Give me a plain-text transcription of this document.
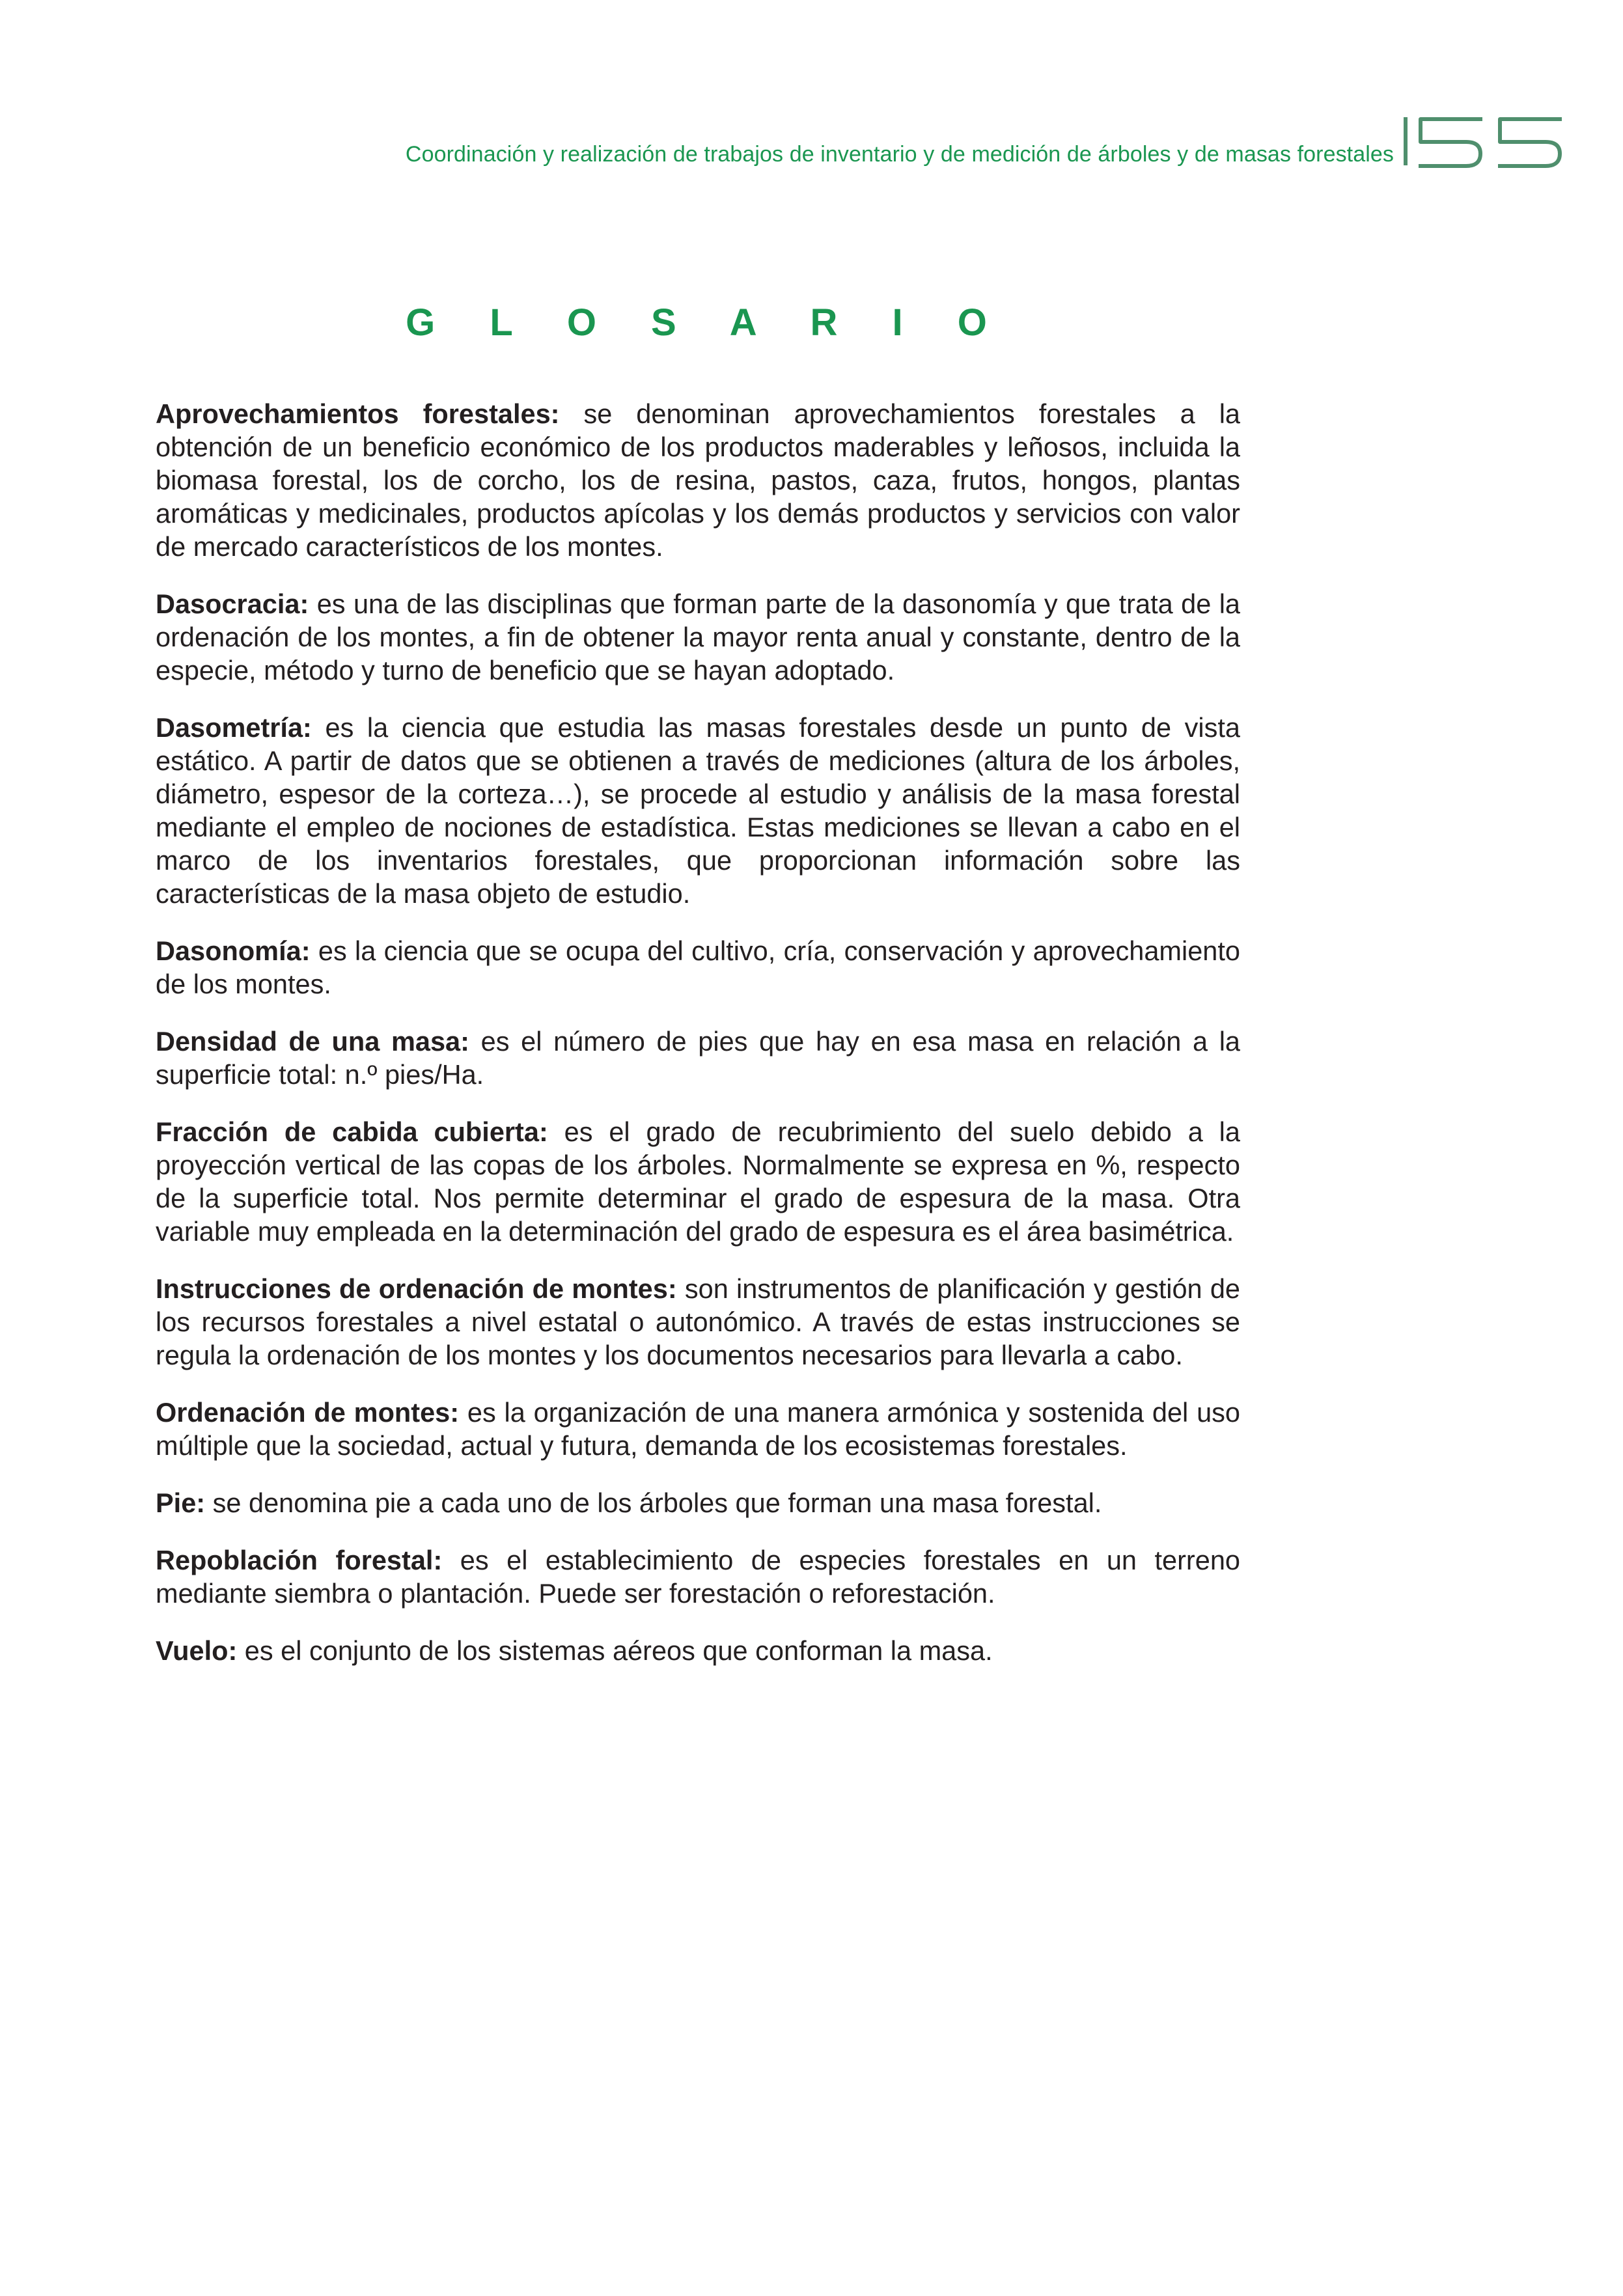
Coordinación y realización de trabajos de inventario y de medición de árboles y de masas forestales
G L O S A R I O

Aprovechamientos forestales: se denominan aprovechamientos forestales a la obtención de un beneficio económico de los productos maderables y leñosos, incluida la biomasa forestal, los de corcho, los de resina, pastos, caza, frutos, hongos, plantas aromáticas y medicinales, productos apícolas y los demás productos y servicios con valor de mercado característicos de los montes.

Dasocracia: es una de las disciplinas que forman parte de la dasonomía y que trata de la ordenación de los montes, a fin de obtener la mayor renta anual y constante, dentro de la especie, método y turno de beneficio que se hayan adoptado.

Dasometría: es la ciencia que estudia las masas forestales desde un punto de vista estático. A partir de datos que se obtienen a través de mediciones (altura de los árboles, diámetro, espesor de la corteza…), se procede al estudio y análisis de la masa forestal mediante el empleo de nociones de estadística. Estas mediciones se llevan a cabo en el marco de los inventarios forestales, que proporcionan información sobre las características de la masa objeto de estudio.

Dasonomía: es la ciencia que se ocupa del cultivo, cría, conservación y aprovechamiento de los montes.

Densidad de una masa: es el número de pies que hay en esa masa en relación a la superficie total: n.º pies/Ha.

Fracción de cabida cubierta: es el grado de recubrimiento del suelo debido a la proyección vertical de las copas de los árboles. Normalmente se expresa en %, respecto de la superficie total. Nos permite determinar el grado de espesura de la masa. Otra variable muy empleada en la determinación del grado de espesura es el área basimétrica.

Instrucciones de ordenación de montes: son instrumentos de planificación y gestión de los recursos forestales a nivel estatal o autonómico. A través de estas instrucciones se regula la ordenación de los montes y los documentos necesarios para llevarla a cabo.

Ordenación de montes: es la organización de una manera armónica y sostenida del uso múltiple que la sociedad, actual y futura, demanda de los ecosistemas forestales.

Pie: se denomina pie a cada uno de los árboles que forman una masa forestal.

Repoblación forestal: es el establecimiento de especies forestales en un terreno mediante siembra o plantación. Puede ser forestación o reforestación.

Vuelo: es el conjunto de los sistemas aéreos que conforman la masa.
